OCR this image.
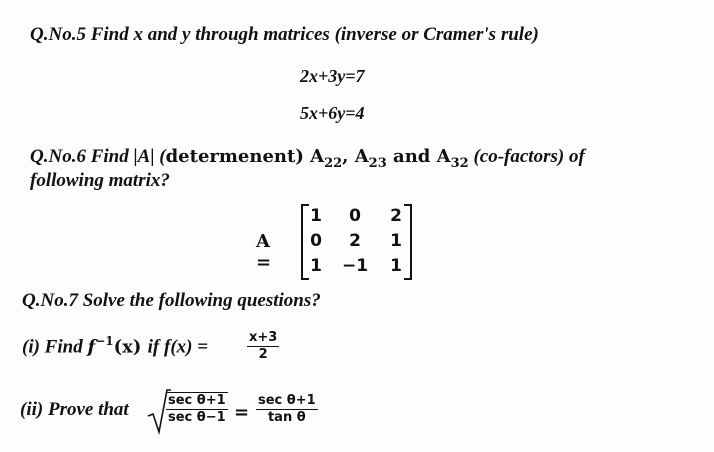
Q.No.5 Find x and y through matrices (inverse or Cramer's rule)
2x+3y=7
5x+6y=4
Q.No.6 Find |A| (determenent) $A_{22}$, $A_{23}$ and $A_{32}$ (co-factors) of
following matrix?
A =
1	0	2
0	2	1
1	−1	1
Q.No.7 Solve the following questions?
(i) Find $f^{-1}(x)$ if f(x) =	$\frac{x+3}{2}$
(ii) Prove that	sec θ+1
sec θ−1 =
sec θ+1
tan θ
